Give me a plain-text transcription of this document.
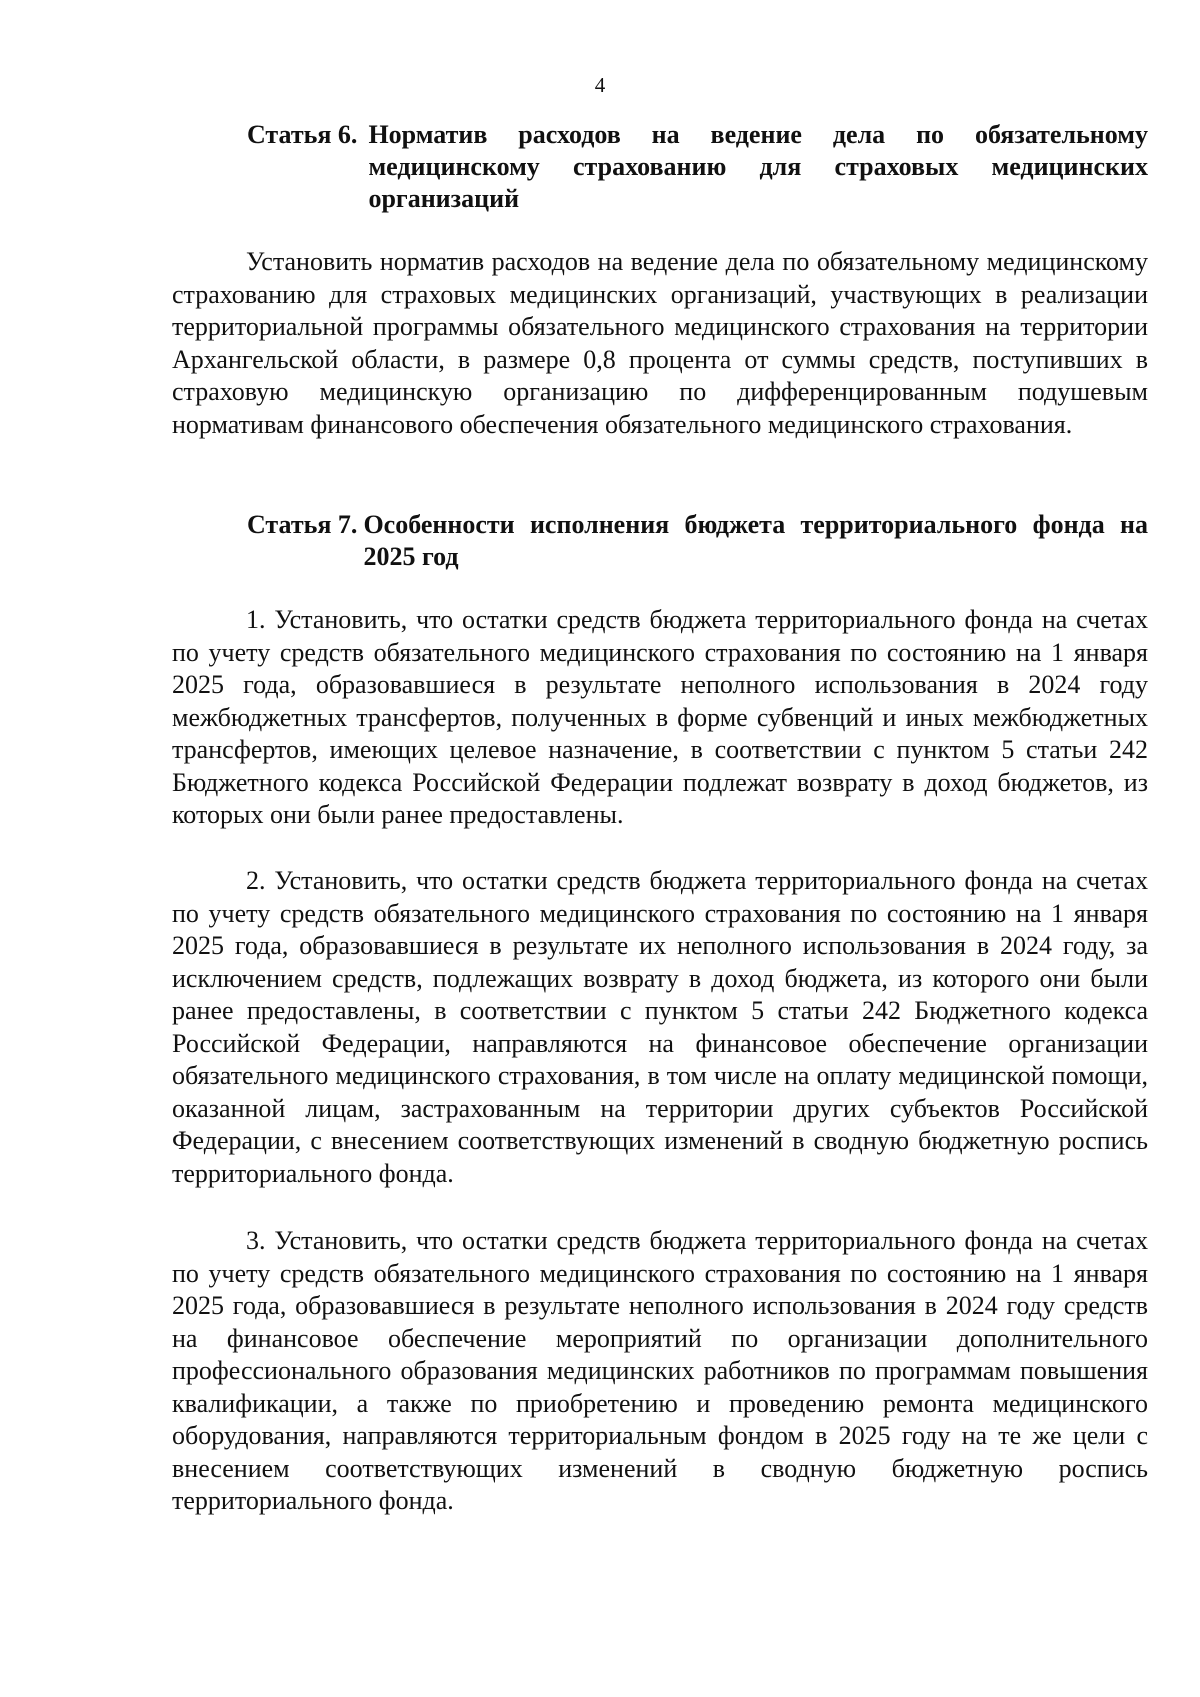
4
Статья 6. Норматив расходов на ведение дела по обязательному медицинскому страхованию для страховых медицинских организаций

Установить норматив расходов на ведение дела по обязательному медицинскому страхованию для страховых медицинских организаций, участвующих в реализации территориальной программы обязательного медицинского страхования на территории Архангельской области, в размере 0,8 процента от суммы средств, поступивших в страховую медицинскую организацию по дифференцированным подушевым нормативам финансового обеспечения обязательного медицинского страхования.

Статья 7. Особенности исполнения бюджета территориального фонда на 2025 год

1. Установить, что остатки средств бюджета территориального фонда на счетах по учету средств обязательного медицинского страхования по состоянию на 1 января 2025 года, образовавшиеся в результате неполного использования в 2024 году межбюджетных трансфертов, полученных в форме субвенций и иных межбюджетных трансфертов, имеющих целевое назначение, в соответствии с пунктом 5 статьи 242 Бюджетного кодекса Российской Федерации подлежат возврату в доход бюджетов, из которых они были ранее предоставлены.

2. Установить, что остатки средств бюджета территориального фонда на счетах по учету средств обязательного медицинского страхования по состоянию на 1 января 2025 года, образовавшиеся в результате их неполного использования в 2024 году, за исключением средств, подлежащих возврату в доход бюджета, из которого они были ранее предоставлены, в соответствии с пунктом 5 статьи 242 Бюджетного кодекса Российской Федерации, направляются на финансовое обеспечение организации обязательного медицинского страхования, в том числе на оплату медицинской помощи, оказанной лицам, застрахованным на территории других субъектов Российской Федерации, с внесением соответствующих изменений в сводную бюджетную роспись территориального фонда.

3. Установить, что остатки средств бюджета территориального фонда на счетах по учету средств обязательного медицинского страхования по состоянию на 1 января 2025 года, образовавшиеся в результате неполного использования в 2024 году средств на финансовое обеспечение мероприятий по организации дополнительного профессионального образования медицинских работников по программам повышения квалификации, а также по приобретению и проведению ремонта медицинского оборудования, направляются территориальным фондом в 2025 году на те же цели с внесением соответствующих изменений в сводную бюджетную роспись территориального фонда.
